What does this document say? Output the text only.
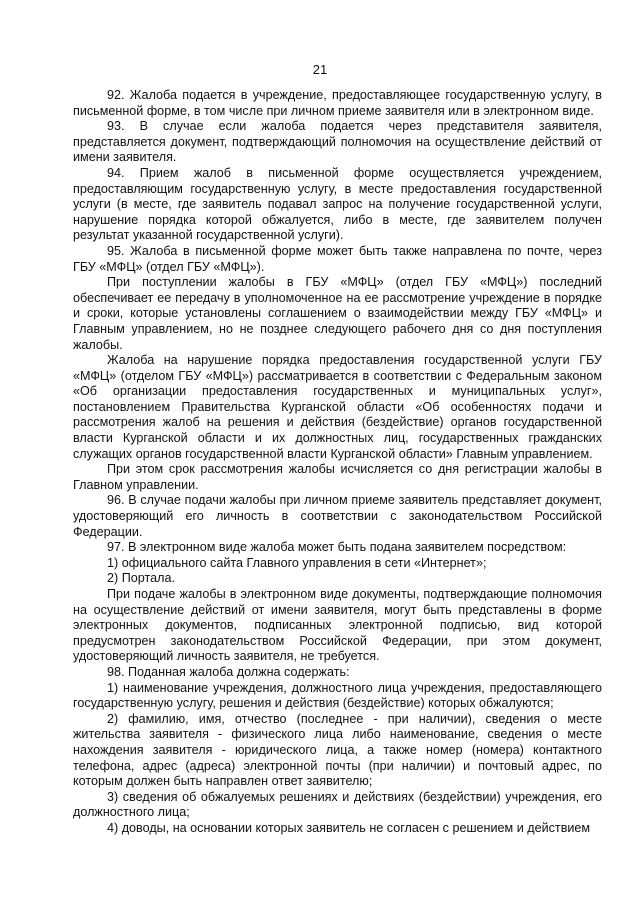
21

92. Жалоба подается в учреждение, предоставляющее государственную услугу, в письменной форме, в том числе при личном приеме заявителя или в электронном виде.

93. В случае если жалоба подается через представителя заявителя, представляется документ, подтверждающий полномочия на осуществление действий от имени заявителя.

94. Прием жалоб в письменной форме осуществляется учреждением, предоставляющим государственную услугу, в месте предоставления государственной услуги (в месте, где заявитель подавал запрос на получение государственной услуги, нарушение порядка которой обжалуется, либо в месте, где заявителем получен результат указанной государственной услуги).

95. Жалоба в письменной форме может быть также направлена по почте, через ГБУ «МФЦ» (отдел ГБУ «МФЦ»).

При поступлении жалобы в ГБУ «МФЦ» (отдел ГБУ «МФЦ») последний обеспечивает ее передачу в уполномоченное на ее рассмотрение учреждение в порядке и сроки, которые установлены соглашением о взаимодействии между ГБУ «МФЦ» и Главным управлением, но не позднее следующего рабочего дня со дня поступления жалобы.

Жалоба на нарушение порядка предоставления государственной услуги ГБУ «МФЦ» (отделом ГБУ «МФЦ») рассматривается в соответствии с Федеральным законом «Об организации предоставления государственных и муниципальных услуг», постановлением Правительства Курганской области «Об особенностях подачи и рассмотрения жалоб на решения и действия (бездействие) органов государственной власти Курганской области и их должностных лиц, государственных гражданских служащих органов государственной власти Курганской области» Главным управлением.

При этом срок рассмотрения жалобы исчисляется со дня регистрации жалобы в Главном управлении.

96. В случае подачи жалобы при личном приеме заявитель представляет документ, удостоверяющий его личность в соответствии с законодательством Российской Федерации.

97. В электронном виде жалоба может быть подана заявителем посредством:

1) официального сайта Главного управления в сети «Интернет»;

2) Портала.

При подаче жалобы в электронном виде документы, подтверждающие полномочия на осуществление действий от имени заявителя, могут быть представлены в форме электронных документов, подписанных электронной подписью, вид которой предусмотрен законодательством Российской Федерации, при этом документ, удостоверяющий личность заявителя, не требуется.

98. Поданная жалоба должна содержать:

1) наименование учреждения, должностного лица учреждения, предоставляющего государственную услугу, решения и действия (бездействие) которых обжалуются;

2) фамилию, имя, отчество (последнее - при наличии), сведения о месте жительства заявителя - физического лица либо наименование, сведения о месте нахождения заявителя - юридического лица, а также номер (номера) контактного телефона, адрес (адреса) электронной почты (при наличии) и почтовый адрес, по которым должен быть направлен ответ заявителю;

3) сведения об обжалуемых решениях и действиях (бездействии) учреждения, его должностного лица;

4) доводы, на основании которых заявитель не согласен с решением и действием
